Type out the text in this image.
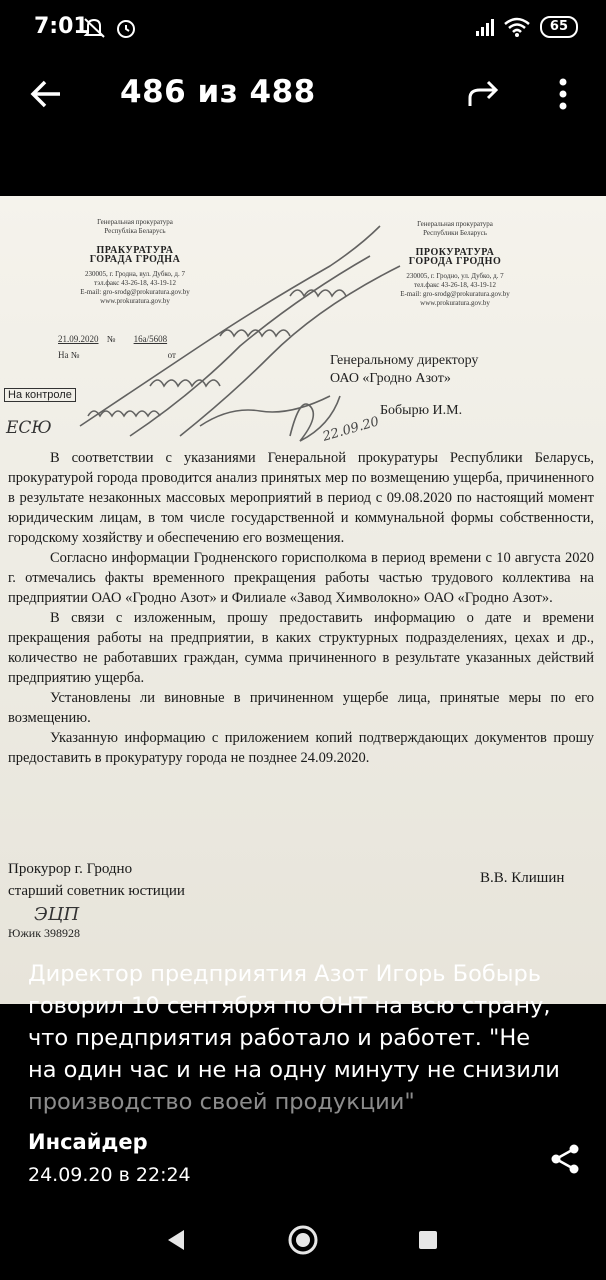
7:01
	65
486 из 488
Генеральная прокуратура
Республіка Беларусь
ПРАКУРАТУРА
ГОРАДА ГРОДНА
230005, г. Гродна, вул. Дубко, д. 7
тэл.факс 43-26-18, 43-19-12
E-mail: gro-srodg@prokuratura.gov.by
www.prokuratura.gov.by
Генеральная прокуратура
Республики Беларусь
ПРОКУРАТУРА
ГОРОДА ГРОДНО
230005, г. Гродно, ул. Дубко, д. 7
тел.факс 43-26-18, 43-19-12
E-mail: gro-srodg@prokuratura.gov.by
www.prokuratura.gov.by
21.09.2020 № 16а/5608
На №	от	Генеральному директору
ОАО «Гродно Азот»
Бобырю И.М.
На контроле
ЕСЮ

В соответствии с указаниями Генеральной прокуратуры Республики Беларусь, прокуратурой города проводится анализ принятых мер по возмещению ущерба, причиненного в результате незаконных массовых мероприятий в период с 09.08.2020 по настоящий момент юридическим лицам, в том числе государственной и коммунальной формы собственности, городскому хозяйству и обеспечению его возмещения.

Согласно информации Гродненского горисполкома в период времени с 10 августа 2020 г. отмечались факты временного прекращения работы частью трудового коллектива на предприятии ОАО «Гродно Азот» и Филиале «Завод Химволокно» ОАО «Гродно Азот».

В связи с изложенным, прошу предоставить информацию о дате и времени прекращения работы на предприятии, в каких структурных подразделениях, цехах и др., количество не работавших граждан, сумма причиненного в результате указанных действий предприятию ущерба.

Установлены ли виновные в причиненном ущербе лица, принятые меры по его возмещению.

Указанную информацию с приложением копий подтверждающих документов прошу предоставить в прокуратуру города не позднее 24.09.2020.

Прокурор г. Гродно
старший советник юстиции
В.В. Клишин
ЭЦП
Южик 398928
22.09.20
Директор предприятия Азот Игорь Бобырь
говорил 10 сентября по ОНТ на всю страну,
что предприятия работало и работет. "Не
на один час и не на одну минуту не снизили
производство своей продукции"
Инсайдер
24.09.20 в 22:24
